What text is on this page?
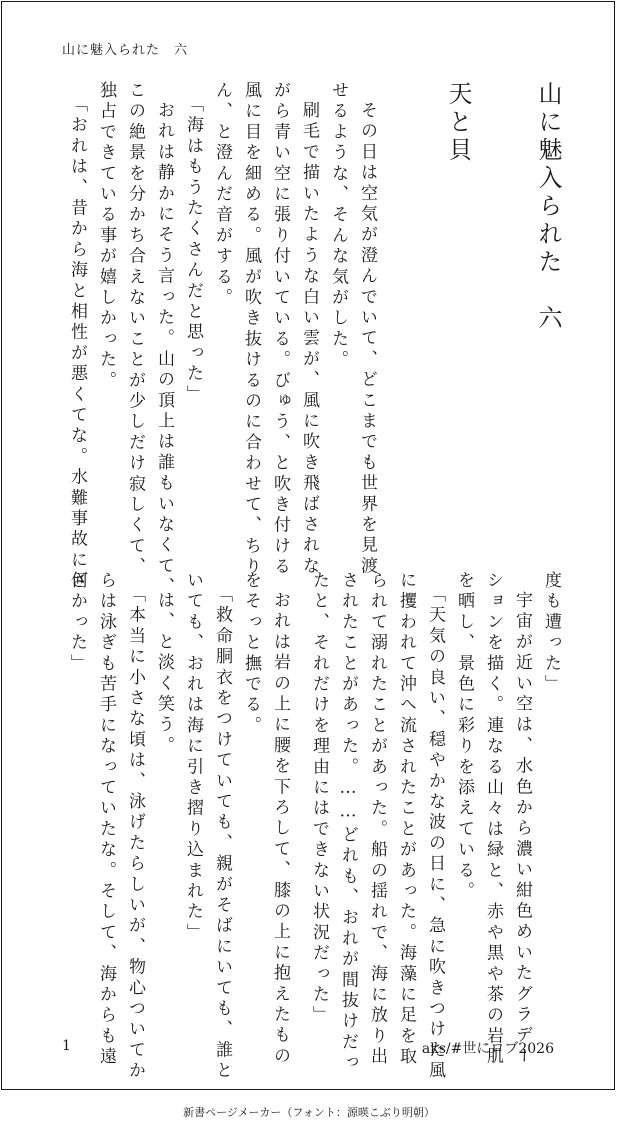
山に魅入られた　六
山に魅入られた　六
天と貝
その日は空気が澄んでいて、どこまでも世界を見渡
せるような、そんな気がした。
刷毛で描いたような白い雲が、風に吹き飛ばされな
がら青い空に張り付いている。びゅう、と吹き付ける
風に目を細める。風が吹き抜けるのに合わせて、ちり
ん、と澄んだ音がする。
「海はもうたくさんだと思った」
おれは静かにそう言った。山の頂上は誰もいなくて、
この絶景を分かち合えないことが少しだけ寂しくて、
独占できている事が嬉しかった。
「おれは、昔から海と相性が悪くてな。水難事故に何
度も遭った」
宇宙が近い空は、水色から濃い紺色めいたグラデー
ションを描く。連なる山々は緑と、赤や黒や茶の岩肌
を晒し、景色に彩りを添えている。
「天気の良い、穏やかな波の日に、急に吹きつけた風
に攫われて沖へ流されたことがあった。海藻に足を取
られて溺れたことがあった。船の揺れで、海に放り出
されたことがあった。……どれも、おれが間抜けだっ
たと、それだけを理由にはできない状況だった」
おれは岩の上に腰を下ろして、膝の上に抱えたもの
をそっと撫でる。
「救命胴衣をつけていても、親がそばにいても、誰と
いても、おれは海に引き摺り込まれた」
は、と淡く笑う。
「本当に小さな頃は、泳げたらしいが、物心ついてか
らは泳ぎも苦手になっていたな。そして、海からも遠
ざかった」
1	aks/#世にロブ2026
新書ページメーカー（フォント：源暎こぶり明朝）
